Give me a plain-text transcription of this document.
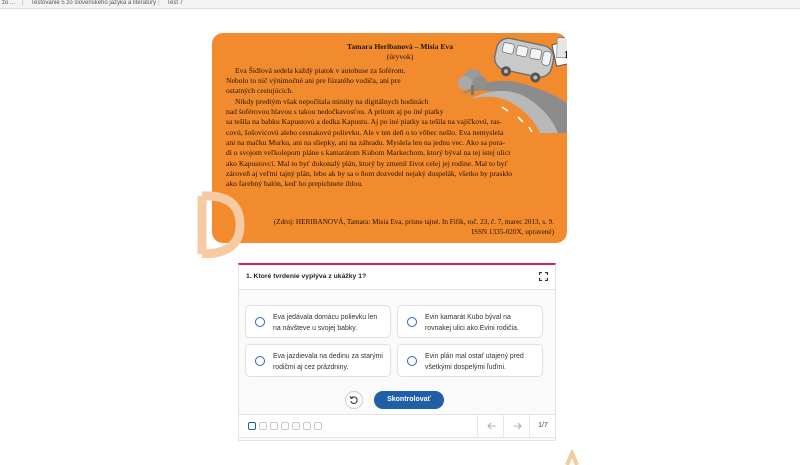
žo ... | Testovanie 5 zo slovenského jazyka a literatúry | Test 7
Tamara Heribanová – Misia Eva
(úryvok)

Eva Šidlová sedela každý piatok v autobuse za šoférom.
Nebolo to nič výnimočné ani pre fúzatého vodiča, ani pre
ostatných cestujúcich.

Nikdy predtým však nepočítala minúty na digitálnych hodinách
nad šoférovou hlavou s takou nedočkavosťou. A pritom aj po iné piatky
sa tešila na babku Kapustovú a dedka Kapustu. Aj po iné piatky sa tešila na vajíčkovú, ras-
covú, šošovicovú alebo cesnakovú polievku. Ale v ten deň o to vôbec nešlo. Eva nemyslela
ani na mačku Murku, ani na sliepky, ani na záhradu. Myslela len na jednu vec. Ako sa pora-
dí o svojom veľkolepom pláne s kamarátom Kubom Markechom, ktorý býval na tej istej ulici
ako Kapustovci. Mal to byť dokonalý plán, ktorý by zmenil život celej jej rodine. Mal to byť
zároveň aj veľmi tajný plán, lebo ak by sa o ňom dozvedel nejaký dospelák, všetko by prasklo
ako farebný balón, keď ho prepichnete ihlou.

(Zdroj: HERIBANOVÁ, Tamara: Misia Eva, prísne tajné. In Fifík, roč. 23, č. 7, marec 2013, s. 9.
ISSN 1335-020X, upravené)
1.
1. Ktoré tvrdenie vyplýva z ukážky 1?
Eva jedávala domácu polievku len na návšteve u svojej babky.
Evin kamarát Kubo býval na rovnakej ulici ako Evini rodičia.
Eva jazdievala na dedinu za starými rodičmi aj cez prázdniny.
Evin plán mal ostať utajený pred všetkými dospelými ľuďmi.
Skontrolovať
1/7
